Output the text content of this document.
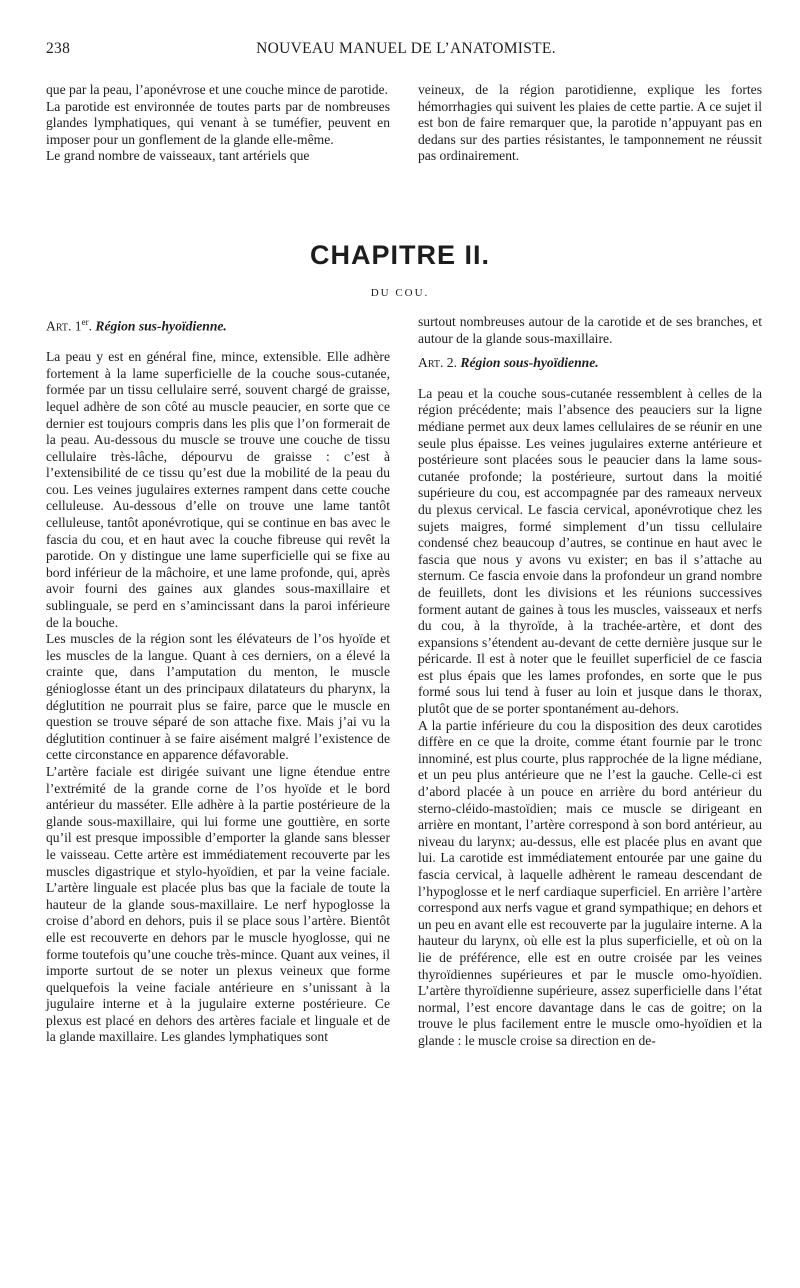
238	NOUVEAU MANUEL DE L’ANATOMISTE.

que par la peau, l’aponévrose et une couche mince de parotide.

La parotide est environnée de toutes parts par de nombreuses glandes lymphatiques, qui venant à se tuméfier, peuvent en imposer pour un gonflement de la glande elle-même.

Le grand nombre de vaisseaux, tant artériels que

veineux, de la région parotidienne, explique les fortes hémorrhagies qui suivent les plaies de cette partie. A ce sujet il est bon de faire remarquer que, la parotide n’appuyant pas en dedans sur des parties résistantes, le tamponnement ne réussit pas ordinairement.

CHAPITRE II.
DU COU.
Art. 1er. Région sus-hyoïdienne.

La peau y est en général fine, mince, extensible. Elle adhère fortement à la lame superficielle de la couche sous-cutanée, formée par un tissu cellulaire serré, souvent chargé de graisse, lequel adhère de son côté au muscle peaucier, en sorte que ce dernier est toujours compris dans les plis que l’on formerait de la peau. Au-dessous du muscle se trouve une couche de tissu cellulaire très-lâche, dépourvu de graisse : c’est à l’extensibilité de ce tissu qu’est due la mobilité de la peau du cou. Les veines jugulaires externes rampent dans cette couche celluleuse. Au-dessous d’elle on trouve une lame tantôt celluleuse, tantôt aponévrotique, qui se continue en bas avec le fascia du cou, et en haut avec la couche fibreuse qui revêt la parotide. On y distingue une lame superficielle qui se fixe au bord inférieur de la mâchoire, et une lame profonde, qui, après avoir fourni des gaines aux glandes sous-maxillaire et sublinguale, se perd en s’amincissant dans la paroi inférieure de la bouche.

Les muscles de la région sont les élévateurs de l’os hyoïde et les muscles de la langue. Quant à ces derniers, on a élevé la crainte que, dans l’amputation du menton, le muscle génioglosse étant un des principaux dilatateurs du pharynx, la déglutition ne pourrait plus se faire, parce que le muscle en question se trouve séparé de son attache fixe. Mais j’ai vu la déglutition continuer à se faire aisément malgré l’existence de cette circonstance en apparence défavorable.

L’artère faciale est dirigée suivant une ligne étendue entre l’extrémité de la grande corne de l’os hyoïde et le bord antérieur du masséter. Elle adhère à la partie postérieure de la glande sous-maxillaire, qui lui forme une gouttière, en sorte qu’il est presque impossible d’emporter la glande sans blesser le vaisseau. Cette artère est immédiatement recouverte par les muscles digastrique et stylo-hyoïdien, et par la veine faciale. L’artère linguale est placée plus bas que la faciale de toute la hauteur de la glande sous-maxillaire. Le nerf hypoglosse la croise d’abord en dehors, puis il se place sous l’artère. Bientôt elle est recouverte en dehors par le muscle hyoglosse, qui ne forme toutefois qu’une couche très-mince. Quant aux veines, il importe surtout de se noter un plexus veineux que forme quelquefois la veine faciale antérieure en s’unissant à la jugulaire interne et à la jugulaire externe postérieure. Ce plexus est placé en dehors des artères faciale et linguale et de la glande maxillaire. Les glandes lymphatiques sont

surtout nombreuses autour de la carotide et de ses branches, et autour de la glande sous-maxillaire.

Art. 2. Région sous-hyoïdienne.

La peau et la couche sous-cutanée ressemblent à celles de la région précédente; mais l’absence des peauciers sur la ligne médiane permet aux deux lames cellulaires de se réunir en une seule plus épaisse. Les veines jugulaires externe antérieure et postérieure sont placées sous le peaucier dans la lame sous-cutanée profonde; la postérieure, surtout dans la moitié supérieure du cou, est accompagnée par des rameaux nerveux du plexus cervical. Le fascia cervical, aponévrotique chez les sujets maigres, formé simplement d’un tissu cellulaire condensé chez beaucoup d’autres, se continue en haut avec le fascia que nous y avons vu exister; en bas il s’attache au sternum. Ce fascia envoie dans la profondeur un grand nombre de feuillets, dont les divisions et les réunions successives forment autant de gaines à tous les muscles, vaisseaux et nerfs du cou, à la thyroïde, à la trachée-artère, et dont des expansions s’étendent au-devant de cette dernière jusque sur le péricarde. Il est à noter que le feuillet superficiel de ce fascia est plus épais que les lames profondes, en sorte que le pus formé sous lui tend à fuser au loin et jusque dans le thorax, plutôt que de se porter spontanément au-dehors.

A la partie inférieure du cou la disposition des deux carotides diffère en ce que la droite, comme étant fournie par le tronc innominé, est plus courte, plus rapprochée de la ligne médiane, et un peu plus antérieure que ne l’est la gauche. Celle-ci est d’abord placée à un pouce en arrière du bord antérieur du sterno-cléido-mastoïdien; mais ce muscle se dirigeant en arrière en montant, l’artère correspond à son bord antérieur, au niveau du larynx; au-dessus, elle est placée plus en avant que lui. La carotide est immédiatement entourée par une gaine du fascia cervical, à laquelle adhèrent le rameau descendant de l’hypoglosse et le nerf cardiaque superficiel. En arrière l’artère correspond aux nerfs vague et grand sympathique; en dehors et un peu en avant elle est recouverte par la jugulaire interne. A la hauteur du larynx, où elle est la plus superficielle, et où on la lie de préférence, elle est en outre croisée par les veines thyroïdiennes supérieures et par le muscle omo-hyoïdien. L’artère thyroïdienne supérieure, assez superficielle dans l’état normal, l’est encore davantage dans le cas de goitre; on la trouve le plus facilement entre le muscle omo-hyoïdien et la glande : le muscle croise sa direction en de-
